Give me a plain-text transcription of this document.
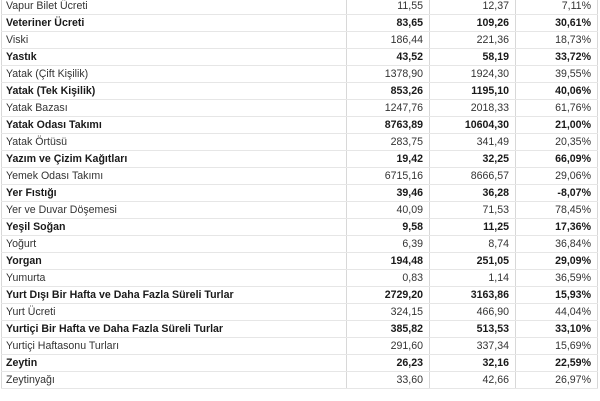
Vapur Bilet Ücreti	11,55	12,37	7,11%
Veteriner Ücreti	83,65	109,26	30,61%
Viski	186,44	221,36	18,73%
Yastık	43,52	58,19	33,72%
Yatak (Çift Kişilik)	1378,90	1924,30	39,55%
Yatak (Tek Kişilik)	853,26	1195,10	40,06%
Yatak Bazası	1247,76	2018,33	61,76%
Yatak Odası Takımı	8763,89	10604,30	21,00%
Yatak Örtüsü	283,75	341,49	20,35%
Yazım ve Çizim Kağıtları	19,42	32,25	66,09%
Yemek Odası Takımı	6715,16	8666,57	29,06%
Yer Fıstığı	39,46	36,28	-8,07%
Yer ve Duvar Döşemesi	40,09	71,53	78,45%
Yeşil Soğan	9,58	11,25	17,36%
Yoğurt	6,39	8,74	36,84%
Yorgan	194,48	251,05	29,09%
Yumurta	0,83	1,14	36,59%
Yurt Dışı Bir Hafta ve Daha Fazla Süreli Turlar	2729,20	3163,86	15,93%
Yurt Ücreti	324,15	466,90	44,04%
Yurtiçi Bir Hafta ve Daha Fazla Süreli Turlar	385,82	513,53	33,10%
Yurtiçi Haftasonu Turları	291,60	337,34	15,69%
Zeytin	26,23	32,16	22,59%
Zeytinyağı	33,60	42,66	26,97%
